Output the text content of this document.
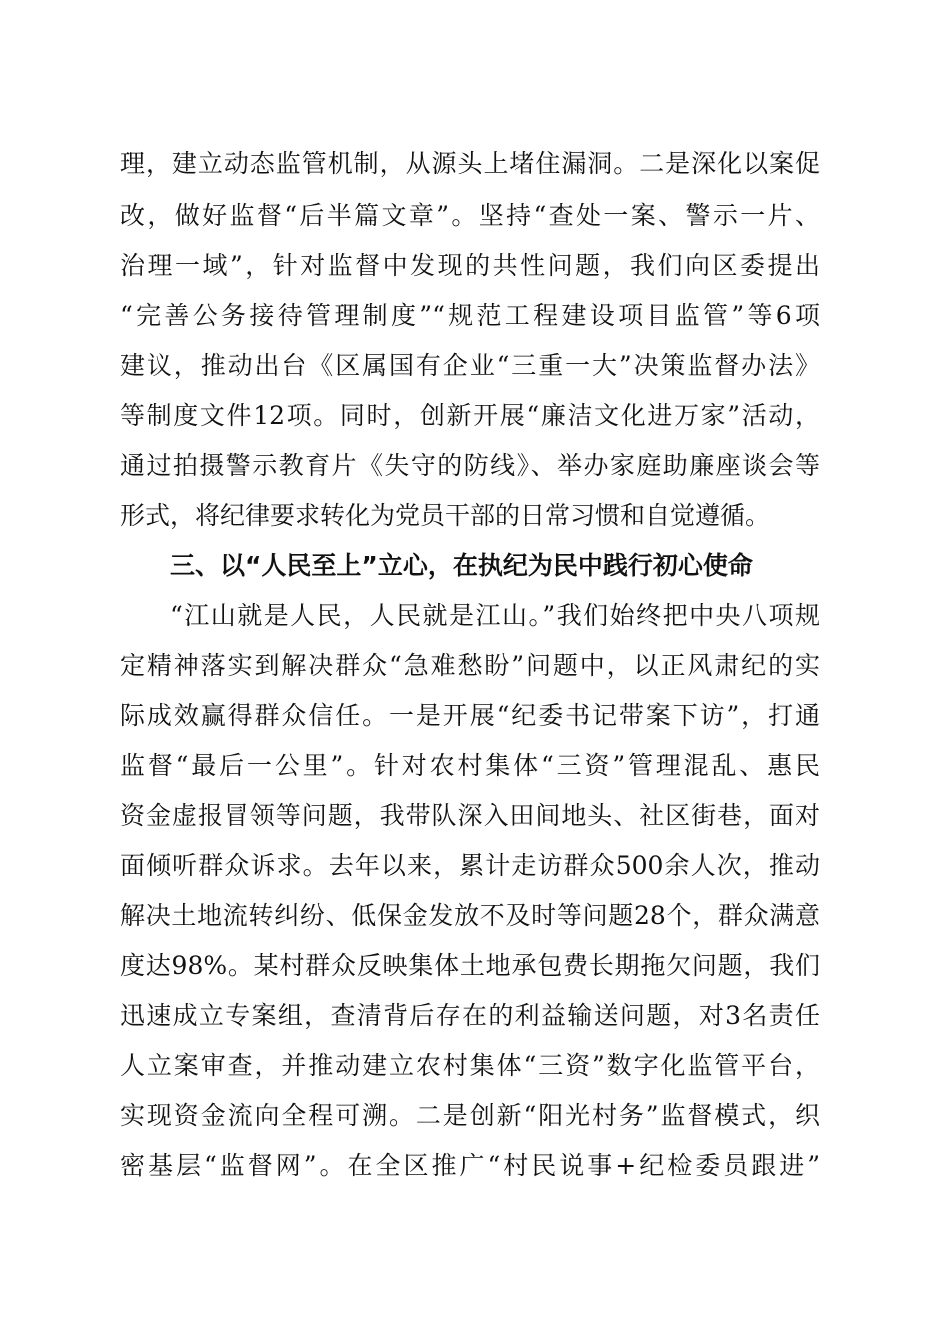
理，建立动态监管机制，从源头上堵住漏洞。二是深化以案促
改，做好监督“后半篇文章”。坚持“查处一案、警示一片、
治理一域”，针对监督中发现的共性问题，我们向区委提出
“完善公务接待管理制度”“规范工程建设项目监管”等6项
建议，推动出台《区属国有企业“三重一大”决策监督办法》
等制度文件12项。同时，创新开展“廉洁文化进万家”活动，
通过拍摄警示教育片《失守的防线》、举办家庭助廉座谈会等
形式，将纪律要求转化为党员干部的日常习惯和自觉遵循。
三、以“人民至上”立心，在执纪为民中践行初心使命
“江山就是人民，人民就是江山。”我们始终把中央八项规
定精神落实到解决群众“急难愁盼”问题中，以正风肃纪的实
际成效赢得群众信任。一是开展“纪委书记带案下访”，打通
监督“最后一公里”。针对农村集体“三资”管理混乱、惠民
资金虚报冒领等问题，我带队深入田间地头、社区街巷，面对
面倾听群众诉求。去年以来，累计走访群众500余人次，推动
解决土地流转纠纷、低保金发放不及时等问题28个，群众满意
度达98%。某村群众反映集体土地承包费长期拖欠问题，我们
迅速成立专案组，查清背后存在的利益输送问题，对3名责任
人立案审查，并推动建立农村集体“三资”数字化监管平台，
实现资金流向全程可溯。二是创新“阳光村务”监督模式，织
密基层“监督网”。在全区推广“村民说事+纪检委员跟进”
